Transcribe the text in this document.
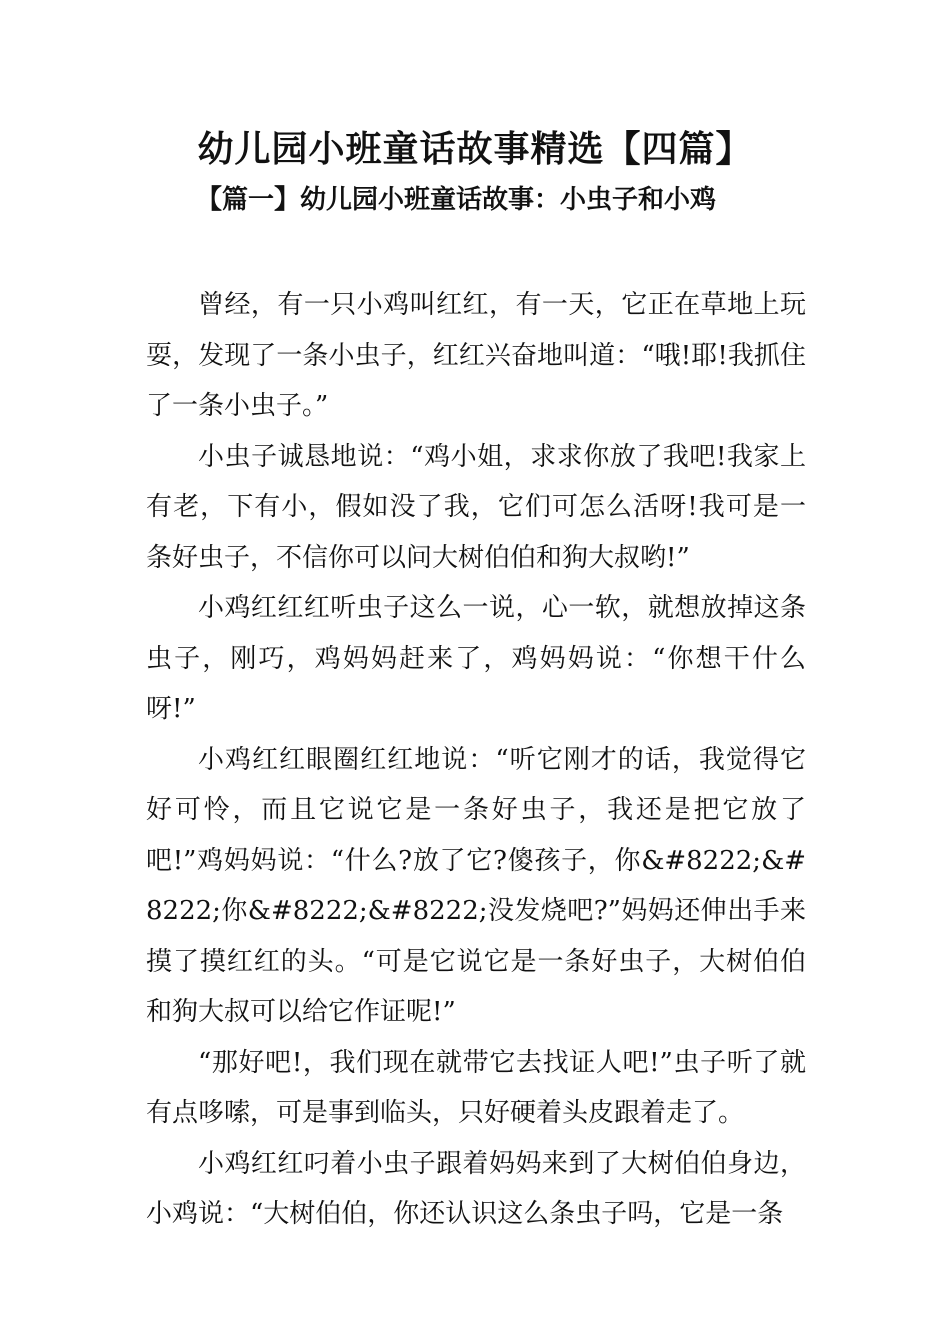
幼儿园小班童话故事精选【四篇】
【篇一】幼儿园小班童话故事：小虫子和小鸡

曾经，有一只小鸡叫红红，有一天，它正在草地上玩耍，发现了一条小虫子，红红兴奋地叫道：“哦!耶!我抓住了一条小虫子。”

小虫子诚恳地说：“鸡小姐，求求你放了我吧!我家上有老，下有小，假如没了我，它们可怎么活呀!我可是一条好虫子，不信你可以问大树伯伯和狗大叔哟!”

小鸡红红红听虫子这么一说，心一软，就想放掉这条虫子，刚巧，鸡妈妈赶来了，鸡妈妈说：“你想干什么呀!”

小鸡红红眼圈红红地说：“听它刚才的话，我觉得它好可怜，而且它说它是一条好虫子，我还是把它放了吧!”鸡妈妈说：“什么?放了它?傻孩子，你&#8222;&#8222;你&#8222;&#8222;没发烧吧?”妈妈还伸出手来摸了摸红红的头。“可是它说它是一条好虫子，大树伯伯和狗大叔可以给它作证呢!”

“那好吧!，我们现在就带它去找证人吧!”虫子听了就有点哆嗦，可是事到临头，只好硬着头皮跟着走了。

小鸡红红叼着小虫子跟着妈妈来到了大树伯伯身边，小鸡说：“大树伯伯，你还认识这么条虫子吗，它是一条
